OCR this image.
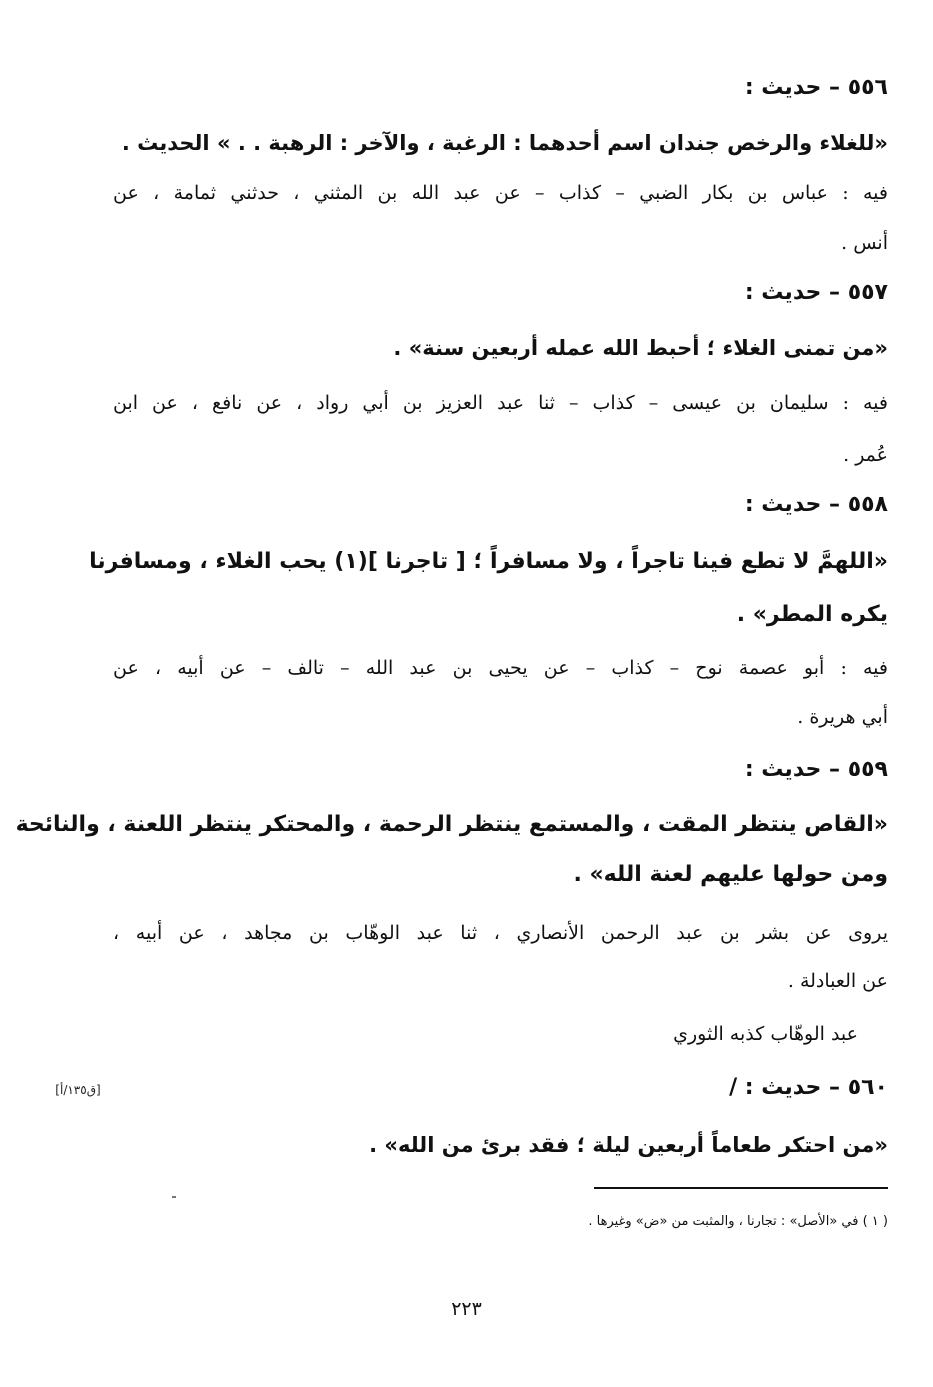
٥٥٦ – حديث :
«للغلاء والرخص جندان اسم أحدهما : الرغبة ، والآخر : الرهبة . . » الحديث .
فيه : عباس بن بكار الضبي – كذاب – عن عبد الله بن المثني ، حدثني ثمامة ، عن
أنس .
٥٥٧ – حديث :
«من تمنى الغلاء ؛ أحبط الله عمله أربعين سنة» .
فيه : سليمان بن عيسى – كذاب – ثنا عبد العزيز بن أبي رواد ، عن نافع ، عن ابن
عُمر .
٥٥٨ – حديث :
«اللهمَّ لا تطع فينا تاجراً ، ولا مسافراً ؛ [ تاجرنا ](١) يحب الغلاء ، ومسافرنا
يكره المطر» .
فيه : أبو عصمة نوح – كذاب – عن يحيى بن عبد الله – تالف – عن أبيه ، عن
أبي هريرة .
٥٥٩ – حديث :
«القاص ينتظر المقت ، والمستمع ينتظر الرحمة ، والمحتكر ينتظر اللعنة ، والنائحة
ومن حولها عليهم لعنة الله» .
يروى عن بشر بن عبد الرحمن الأنصاري ، ثنا عبد الوهّاب بن مجاهد ، عن أبيه ،
عن العبادلة .
عبد الوهّاب كذبه الثوري
٥٦٠ – حديث : /
[ق١٣٥/أ]
«من احتكر طعاماً أربعين ليلة ؛ فقد برئ من الله» .
( ١ ) في «الأصل» : تجارنا ، والمثبت من «ض» وغيرها .
٢٢٣
